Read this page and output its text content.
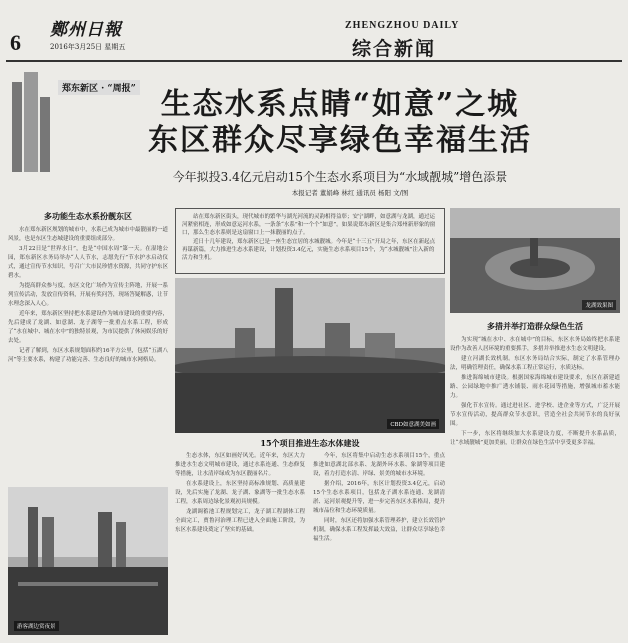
6 鄭州日報
2016年3月25日 星期五
ZHENGZHOU DAILY
综合新闻
郑东新区 · “周报” 生态水系点睛“如意”之城
东区群众尽享绿色幸福生活
今年拟投3.4亿元启动15个生态水系项目为“水域靓城”增色添景
本报记者 董娟峰 林红 通讯员 杨阳 文/图

站在郑东新区街头，现代城市的繁华与湖光河流的灵韵相得益彰；安宁湖畔，如意湖与龙湖，通过运河紧密相连，形成如意运河水系，一条条“水系”和一个个“如意”。如果说郑东新区是集合郑州新形象的窗口，那么生态水系则是这扇窗口上一抹靓丽的点子。

近日十几年建设，郑东新区已是一座生态宜居的水城靓城。今年是“十三五”开局之年，东区在新起点再谋新篇，大力推进生态水系建设，计划投资3.4亿元，实施生态水系项目15个，为“水城靓城”注入新的活力和生机。

多功能生态水系扮靓东区

水在郑东新区规划的城市中，水系已成为城市中最靓丽的一道风景，也是东区生态城建设的重要组成部分。

3月22日是“世界水日”，也是“中国水周”第一天。在湿地公园，郑东新区水务局举办“人人节水，志愿先行”节水护水启动仪式，通过宣传节水知识，号召广大市民珍惜水资源，共同守护东区碧水。

为提高群众参与度，东区文化广场作为宣传主阵地，开展一系列宣传活动，发放宣传资料，开展有奖问答，现场答疑解惑，让节水理念深入人心。

近年来，郑东新区坚持把水系建设作为城市建设的重要内容，先后建成了龙湖、如意湖、龙子湖等一批重点水系工程，形成了“水在城中、城在水中”的独特景观，为市民提供了休闲娱乐的好去处。

记者了解到，东区水系规划面积约16平方公里，包括“五湖八河”等主要水系，构建了功能完善、生态良好的城市水网格局。

游客湖边赏夜景
CBD如意湖美如画
15个项目推进生态水体建设

生态水体，东区如画好风光。近年来，东区大力推进水生态文明城市建设，通过水系连通、生态修复等措施，让水清岸绿成为东区靓丽名片。

在水系建设上，东区坚持高标准规划、高质量建设，先后实施了龙湖、龙子湖、象湖等一批生态水系工程，水系周边绿化景观初具规模。

龙湖调蓄池工程规划完工，龙子湖工程湖体工程全面完工，贾鲁河治理工程已进入全面施工阶段，为东区水系建设奠定了坚实的基础。

今年，东区将集中启动生态水系项目15个，重点推进如意湖北部水系、龙湖外环水系、象湖等项目建设，着力打造水清、岸绿、景美的城市水环境。

据介绍，2016年，东区计划投资3.4亿元，启动15个生态水系项目，包括龙子湖水系连通、龙湖清淤、运河景观提升等，进一步完善东区水系格局，提升城市品位和生态环境质量。

同时，东区还将加强水系管理养护，建立长效管护机制，确保水系工程发挥最大效益，让群众尽享绿色幸福生活。

龙湖效果图
多措并举打造群众绿色生活

为实现“城在水中、水在城中”的目标，东区水务局始终把水系建设作为改善人居环境的重要抓手，多措并举推进水生态文明建设。

建立河湖长效机制。东区水务局结合实际，制定了水系管理办法，明确管理责任，确保水系工程正常运行，水质达标。

推进海绵城市建设。根据国家海绵城市建设要求，东区在新建道路、公园绿地中推广透水铺装、雨水花园等措施，增强城市蓄水能力。

强化节水宣传。通过进社区、进学校、进企业等方式，广泛开展节水宣传活动，提高群众节水意识，营造全社会共同节水的良好氛围。

下一步，东区将继续加大水系建设力度，不断提升水系品质，让“水域靓城”更加美丽，让群众在绿色生活中享受更多幸福。
